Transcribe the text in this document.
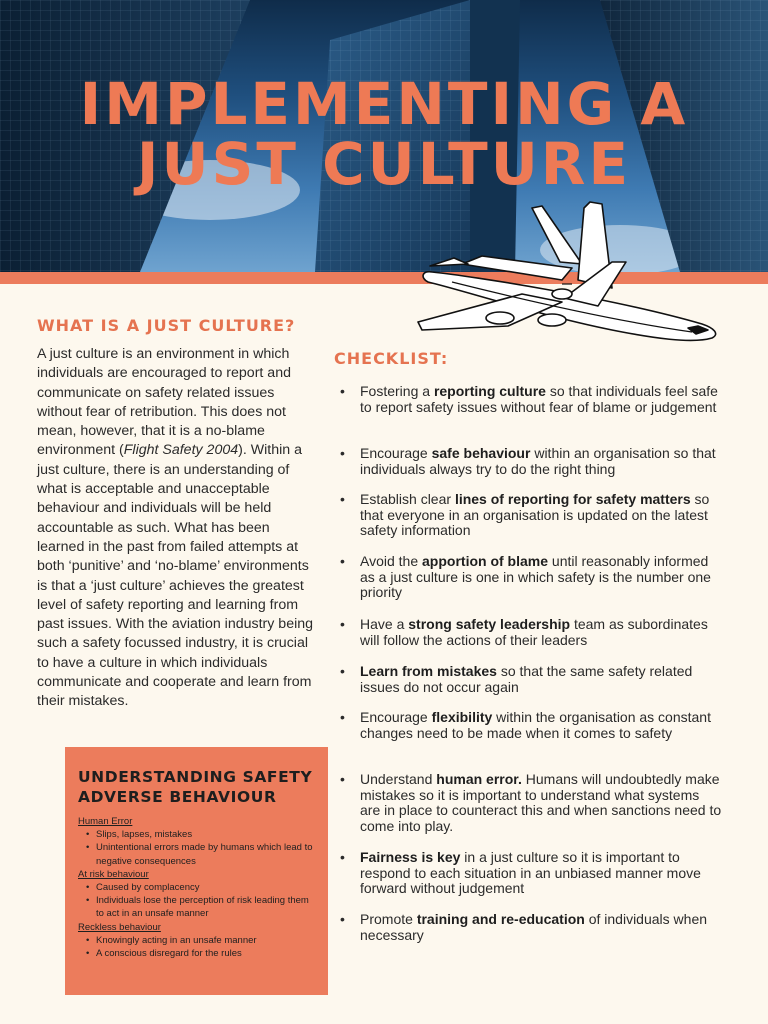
IMPLEMENTING A
JUST CULTURE
WHAT IS A JUST CULTURE?

A just culture is an environment in which individuals are encouraged to report and communicate on safety related issues without fear of retribution. This does not mean, however, that it is a no-blame environment (Flight Safety 2004). Within a just culture, there is an understanding of what is acceptable and unacceptable behaviour and individuals will be held accountable as such. What has been learned in the past from failed attempts at both ‘punitive’ and ‘no-blame’ environments is that a ‘just culture’ achieves the greatest level of safety reporting and learning from past issues. With the aviation industry being such a safety focussed industry, it is crucial to have a culture in which individuals communicate and cooperate and learn from their mistakes.

UNDERSTANDING SAFETY ADVERSE BEHAVIOUR
Human Error
• Slips, lapses, mistakes
• Unintentional errors made by humans which lead to negative consequences
At risk behaviour
• Caused by complacency
• Individuals lose the perception of risk leading them to act in an unsafe manner
Reckless behaviour
• Knowingly acting in an unsafe manner
• A conscious disregard for the rules
CHECKLIST:
• Fostering a reporting culture so that individuals feel safe to report safety issues without fear of blame or judgement
• Encourage safe behaviour within an organisation so that individuals always try to do the right thing
• Establish clear lines of reporting for safety matters so that everyone in an organisation is updated on the latest safety information
• Avoid the apportion of blame until reasonably informed as a just culture is one in which safety is the number one priority
• Have a strong safety leadership team as subordinates will follow the actions of their leaders
• Learn from mistakes so that the same safety related issues do not occur again
• Encourage flexibility within the organisation as constant changes need to be made when it comes to safety
• Understand human error. Humans will undoubtedly make mistakes so it is important to understand what systems are in place to counteract this and when sanctions need to come into play.
• Fairness is key in a just culture so it is important to respond to each situation in an unbiased manner move forward without judgement
• Promote training and re-education of individuals when necessary
